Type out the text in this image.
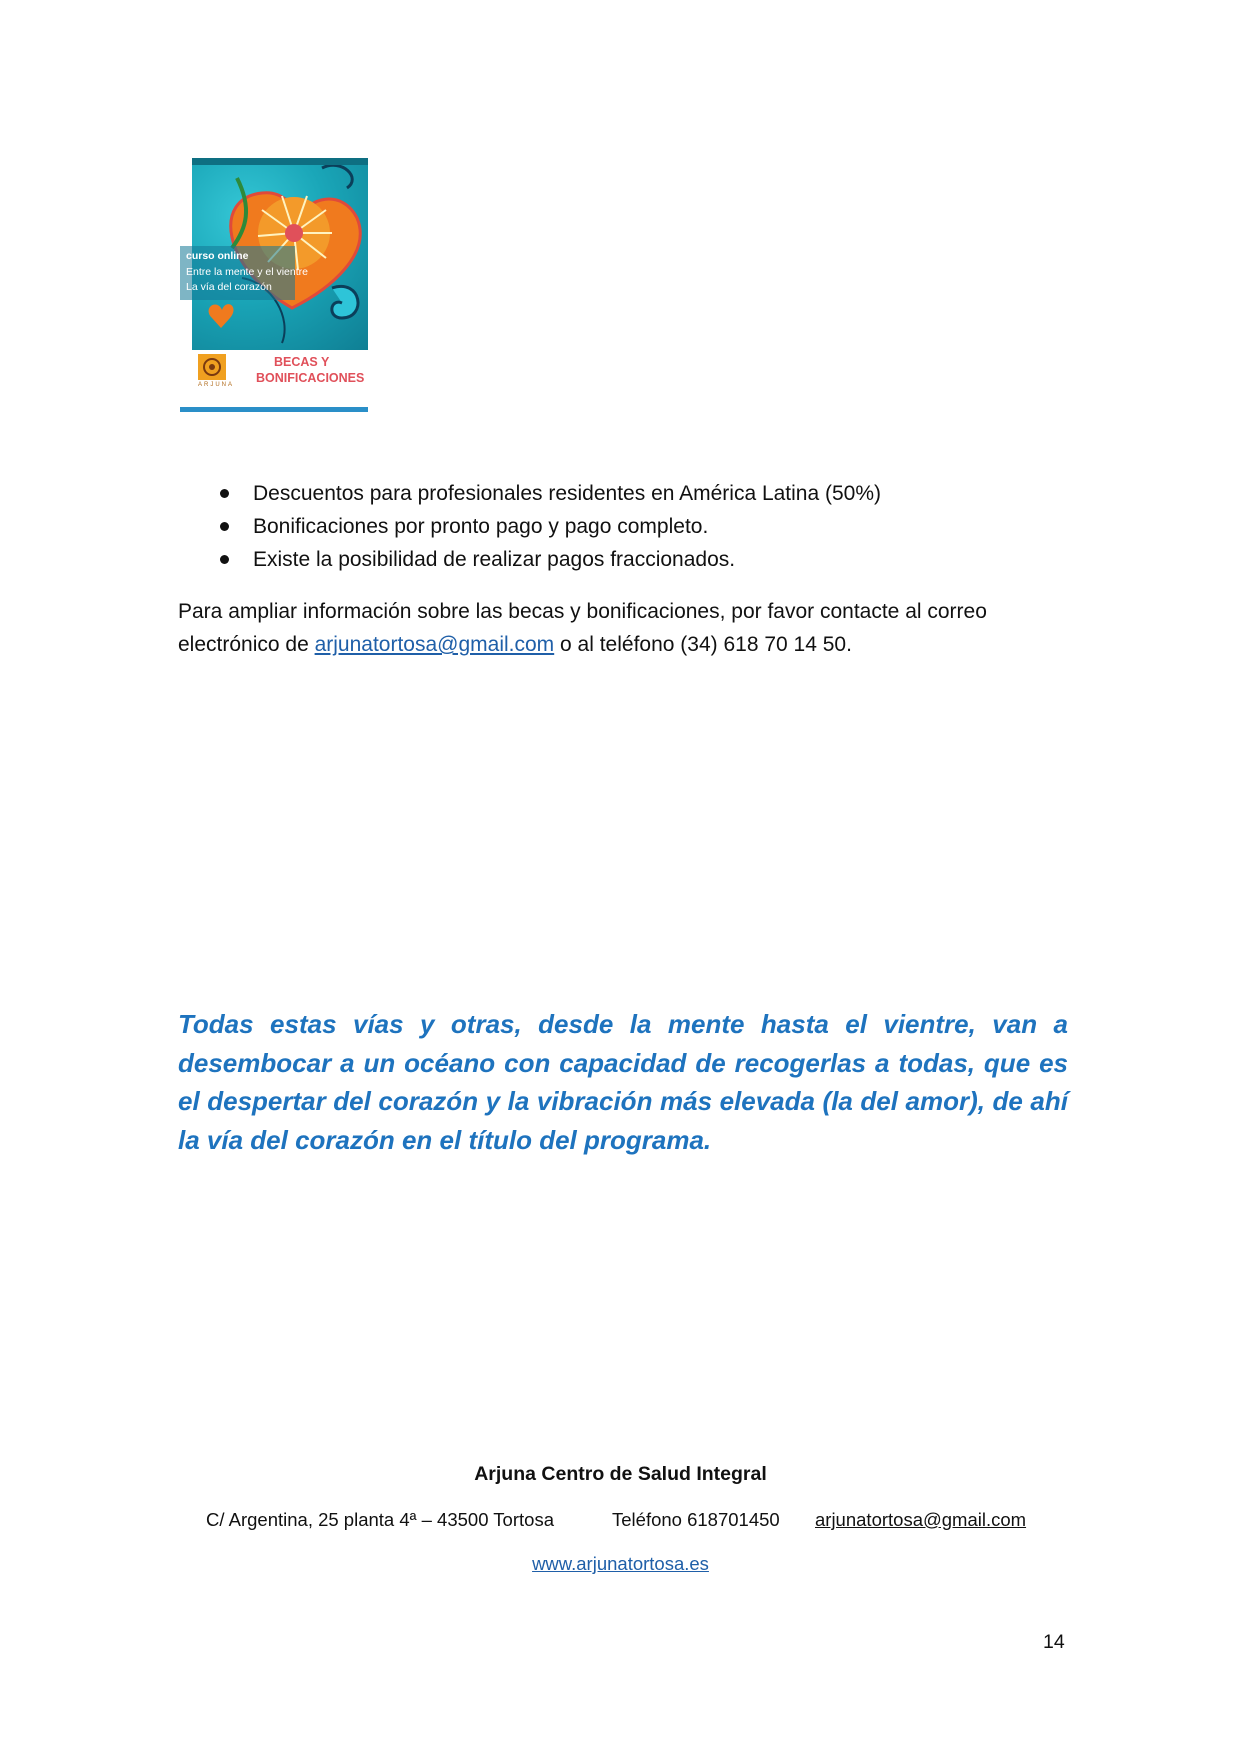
curso online
Entre la mente y el vientre
La vía del corazón
ARJUNA
BECAS Y
BONIFICACIONES
Descuentos para profesionales residentes en América Latina (50%)
Bonificaciones por pronto pago y pago completo.
Existe la posibilidad de realizar pagos fraccionados.

Para ampliar información sobre las becas y bonificaciones, por favor contacte al correo electrónico de arjunatortosa@gmail.com o al teléfono (34) 618 70 14 50.

Todas estas vías y otras, desde la mente hasta el vientre, van a desembocar a un océano con capacidad de recogerlas a todas, que es el despertar del corazón y la vibración más elevada (la del amor), de ahí la vía del corazón en el título del programa.

Arjuna Centro de Salud Integral
C/ Argentina, 25 planta 4ª – 43500 Tortosa	Teléfono 618701450 arjunatortosa@gmail.com
www.arjunatortosa.es
14
